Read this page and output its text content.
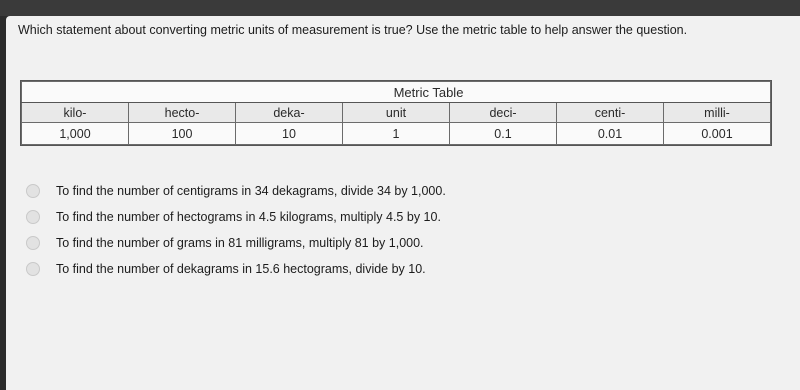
Which statement about converting metric units of measurement is true? Use the metric table to help answer the question.
Metric Table						
kilo-	hecto-	deka-	unit	deci-	centi-	milli-
1,000	100	10	1	0.1	0.01	0.001
To find the number of centigrams in 34 dekagrams, divide 34 by 1,000.
To find the number of hectograms in 4.5 kilograms, multiply 4.5 by 10.
To find the number of grams in 81 milligrams, multiply 81 by 1,000.
To find the number of dekagrams in 15.6 hectograms, divide by 10.
